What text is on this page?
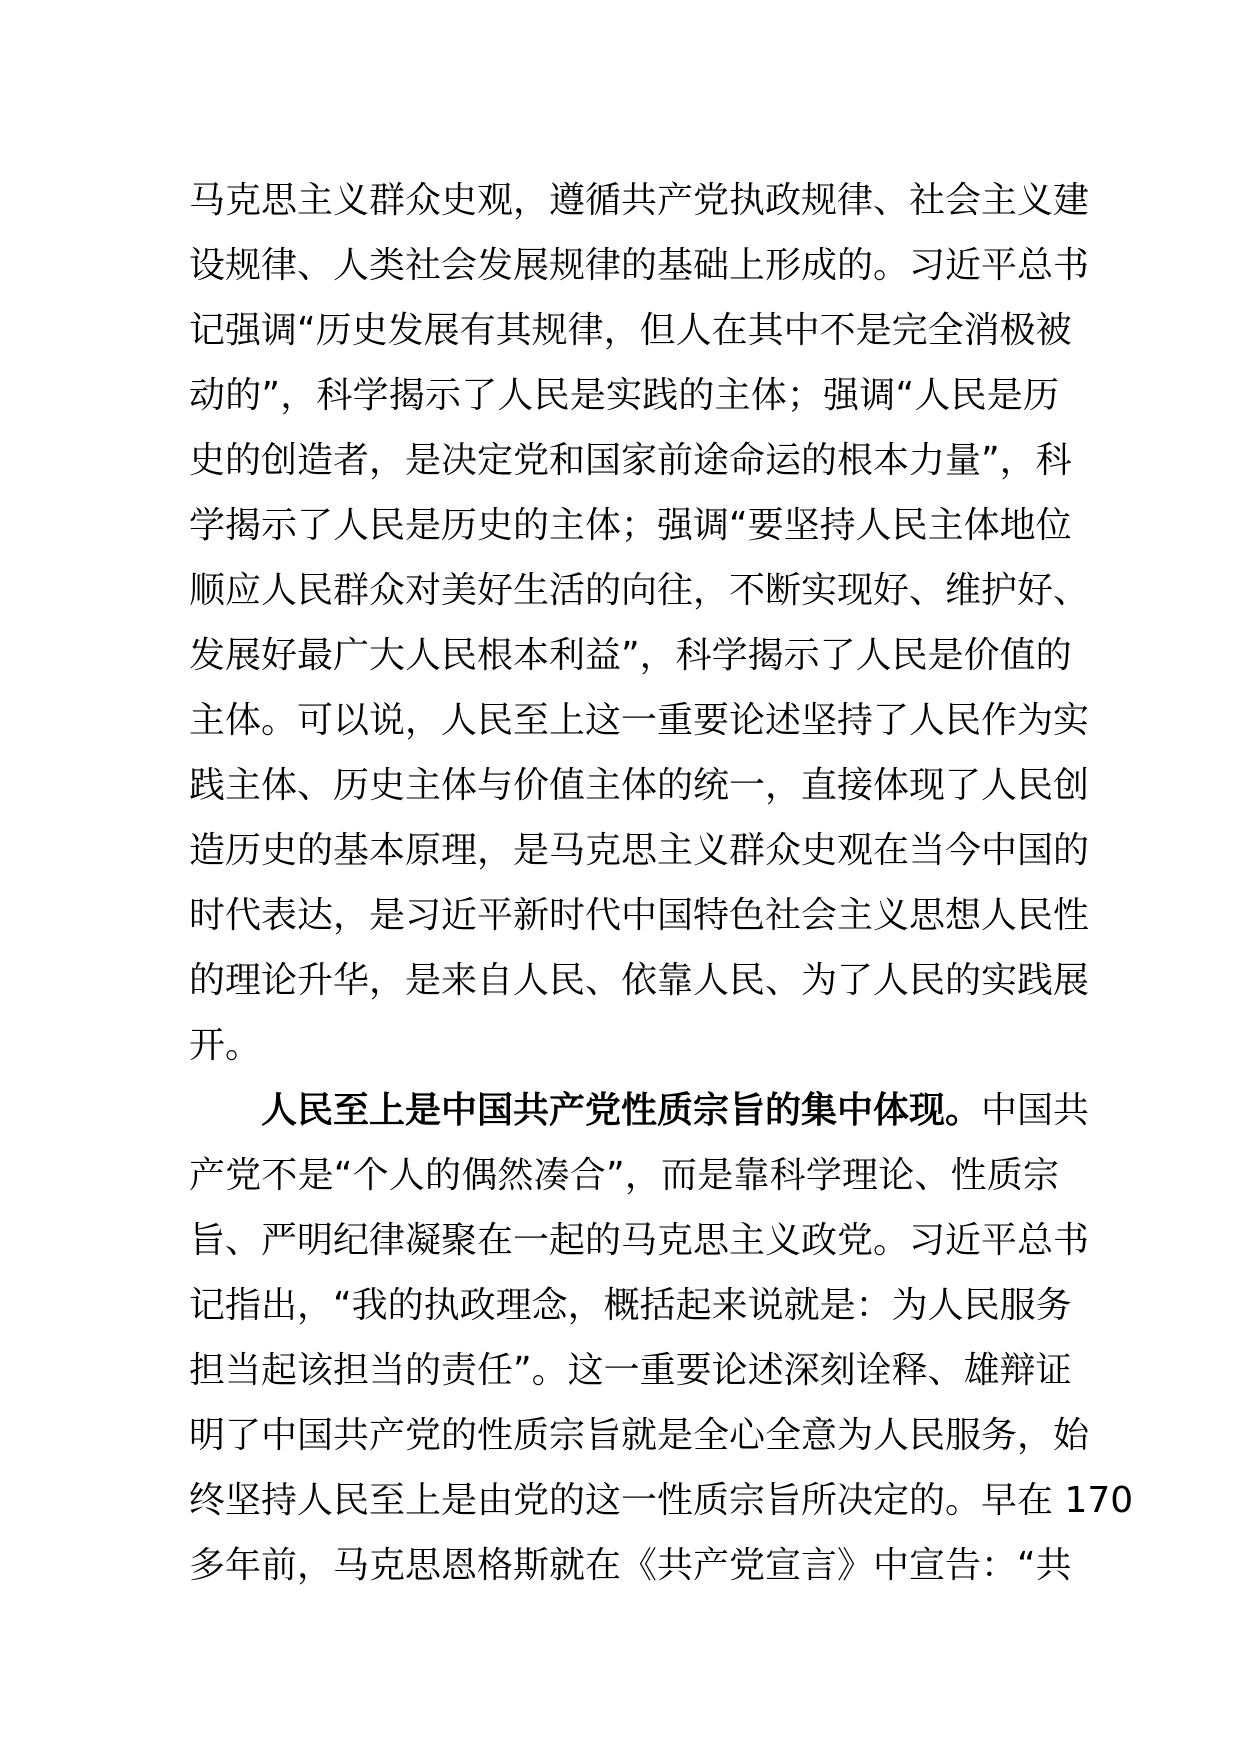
马克思主义群众史观，遵循共产党执政规律、社会主义建
设规律、人类社会发展规律的基础上形成的。习近平总书
记强调“历史发展有其规律，但人在其中不是完全消极被
动的”，科学揭示了人民是实践的主体；强调“人民是历
史的创造者，是决定党和国家前途命运的根本力量”，科
学揭示了人民是历史的主体；强调“要坚持人民主体地位
顺应人民群众对美好生活的向往，不断实现好、维护好、
发展好最广大人民根本利益”，科学揭示了人民是价值的
主体。可以说，人民至上这一重要论述坚持了人民作为实
践主体、历史主体与价值主体的统一，直接体现了人民创
造历史的基本原理，是马克思主义群众史观在当今中国的
时代表达，是习近平新时代中国特色社会主义思想人民性
的理论升华，是来自人民、依靠人民、为了人民的实践展
开。
人民至上是中国共产党性质宗旨的集中体现。中国共
产党不是“个人的偶然凑合”，而是靠科学理论、性质宗
旨、严明纪律凝聚在一起的马克思主义政党。习近平总书
记指出，“我的执政理念，概括起来说就是：为人民服务
担当起该担当的责任”。这一重要论述深刻诠释、雄辩证
明了中国共产党的性质宗旨就是全心全意为人民服务，始
终坚持人民至上是由党的这一性质宗旨所决定的。早在 170
多年前，马克思恩格斯就在《共产党宣言》中宣告：“共
